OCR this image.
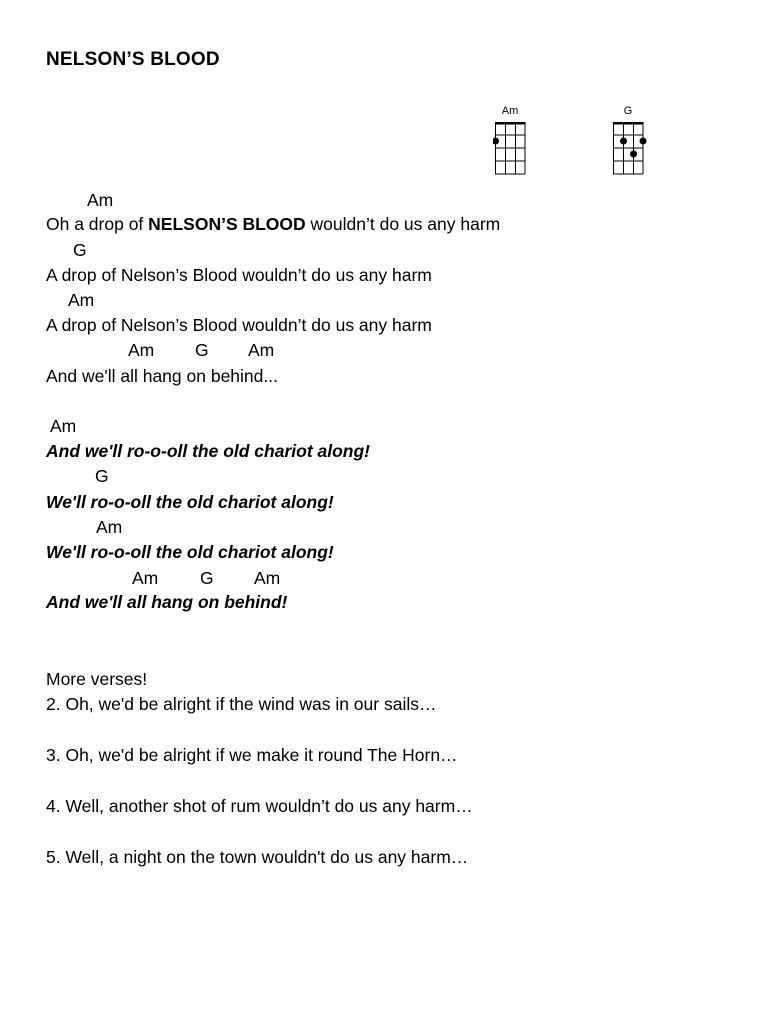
NELSON’S BLOOD
Am	G
Am
Oh a drop of NELSON’S BLOOD wouldn’t do us any harm
G
A drop of Nelson’s Blood wouldn’t do us any harm
Am
A drop of Nelson’s Blood wouldn’t do us any harm
Am G Am
And we'll all hang on behind...
Am
And we'll ro-o-oll the old chariot along!
G
We'll ro-o-oll the old chariot along!
Am
We'll ro-o-oll the old chariot along!
Am G Am
And we'll all hang on behind!
More verses!
2. Oh, we'd be alright if the wind was in our sails…
3. Oh, we'd be alright if we make it round The Horn…
4. Well, another shot of rum wouldn’t do us any harm…
5. Well, a night on the town wouldn't do us any harm…
